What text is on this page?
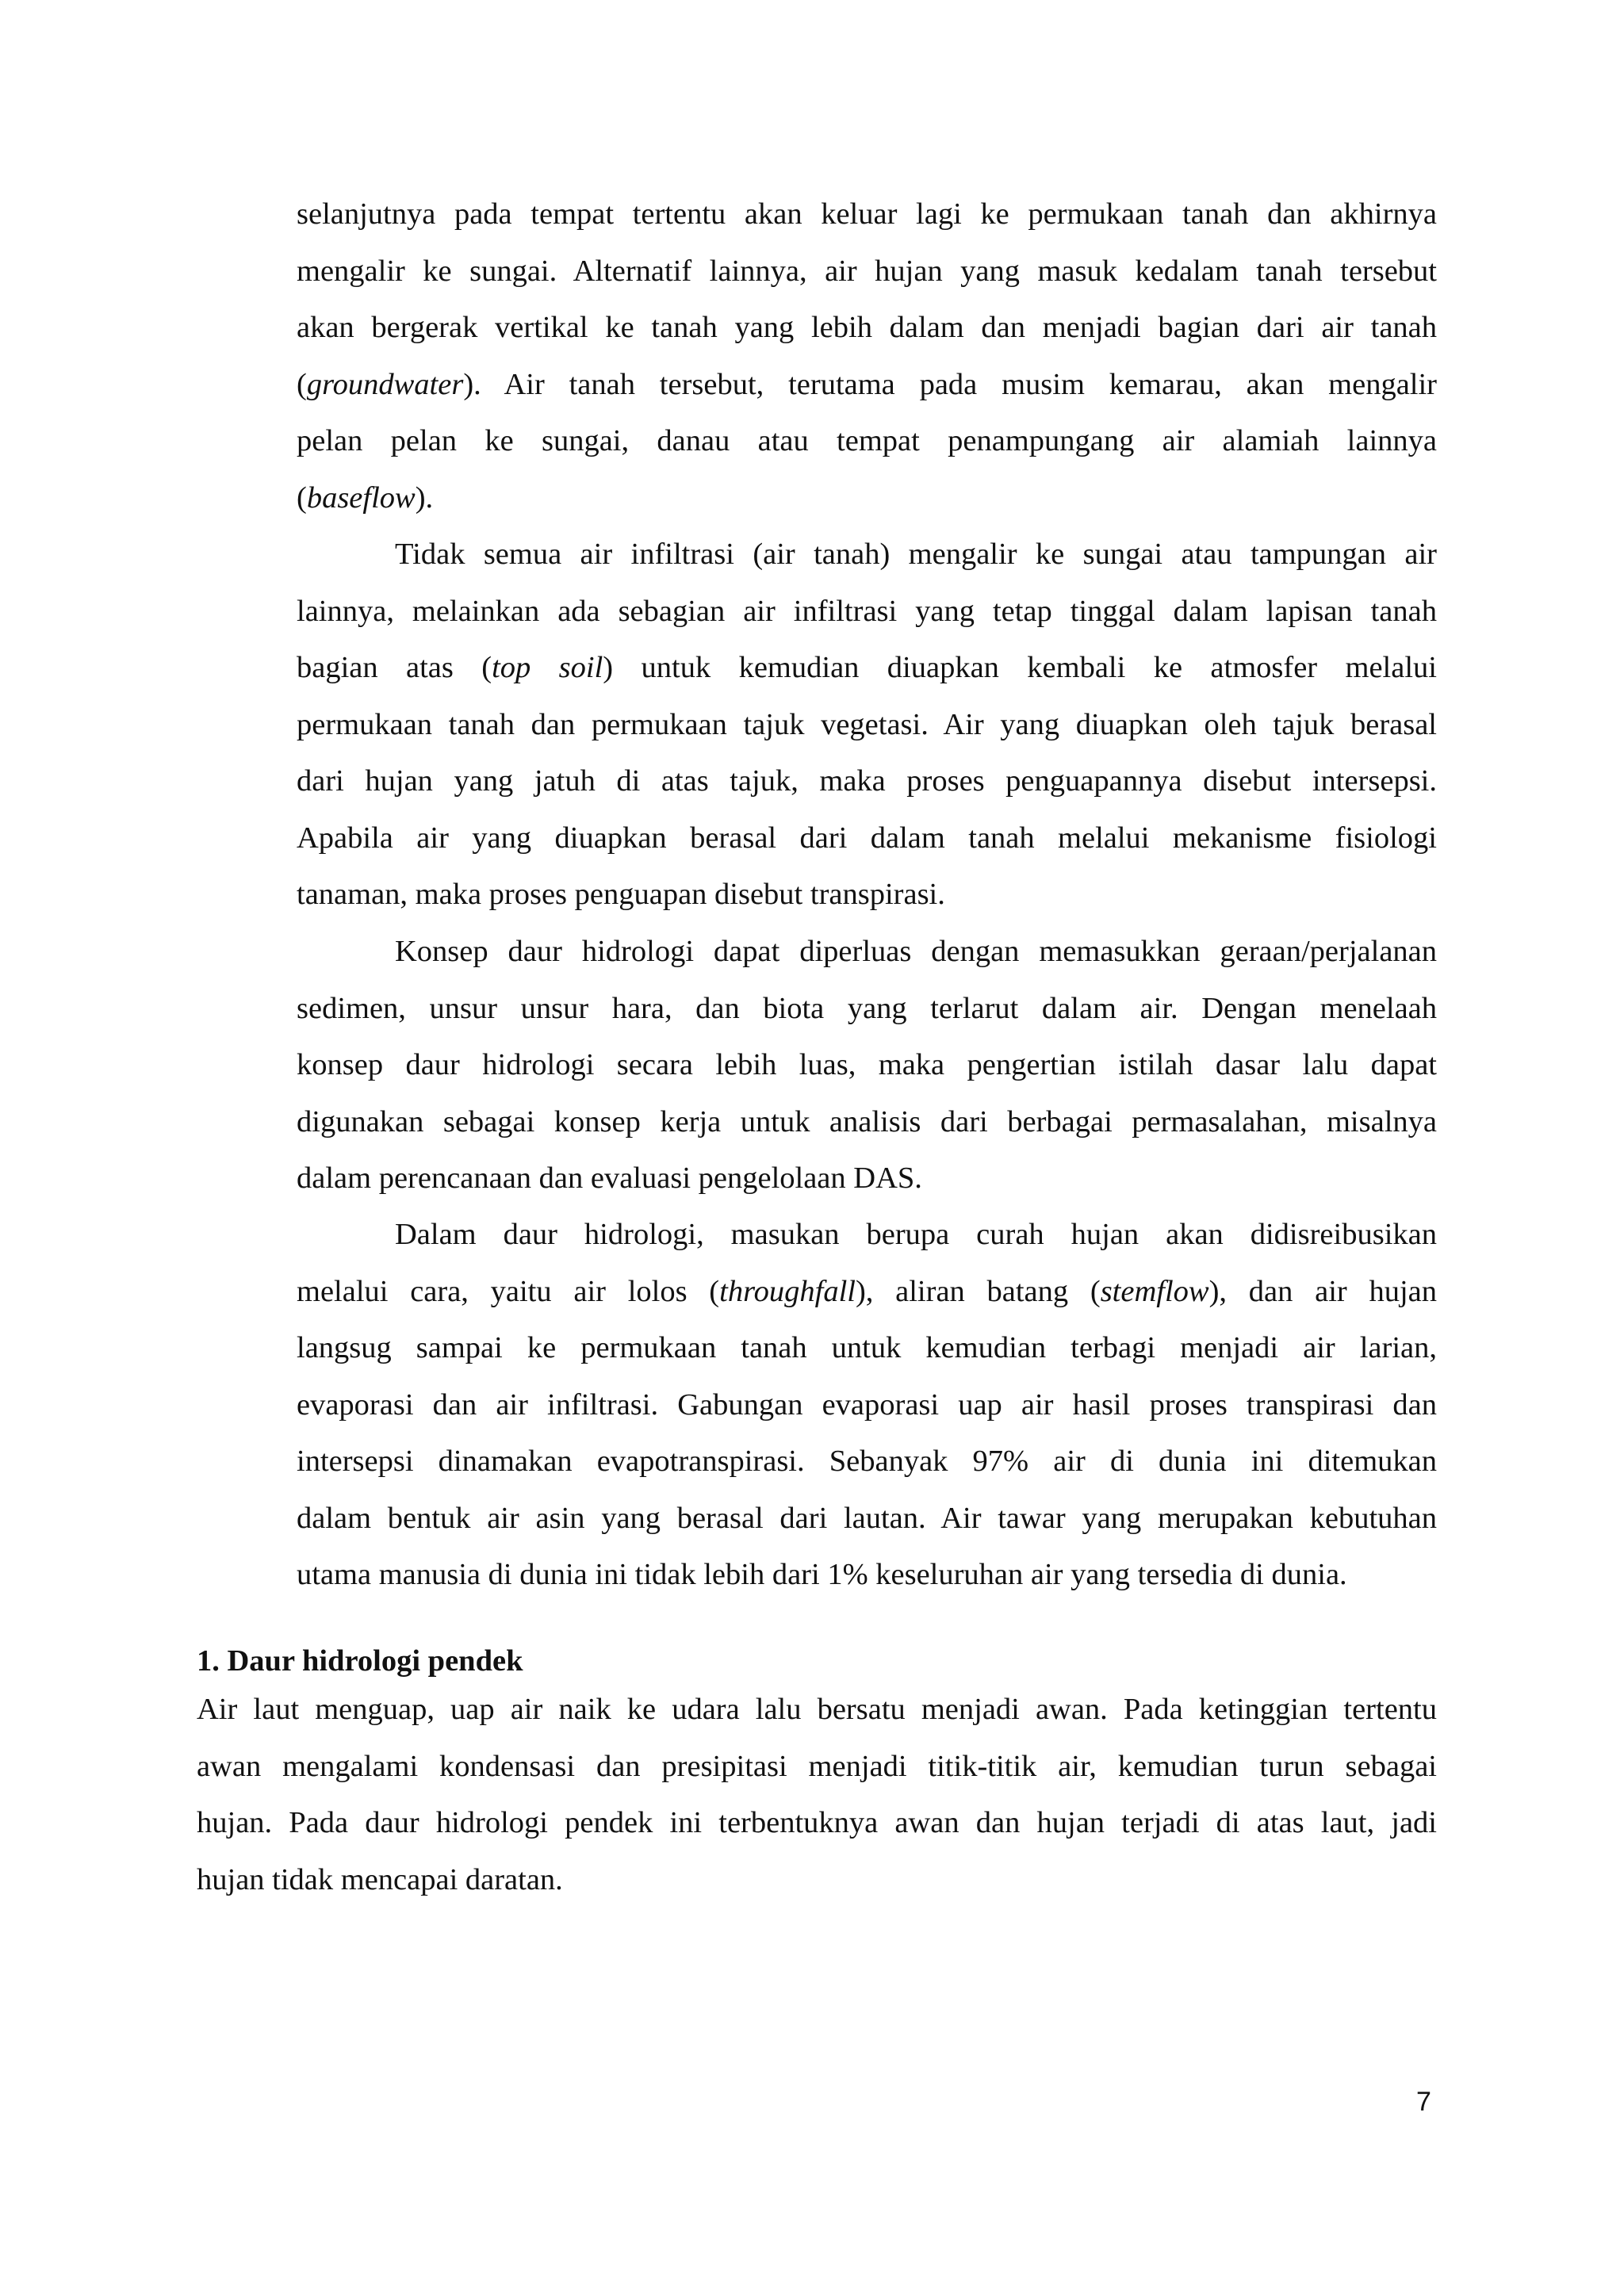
selanjutnya pada tempat tertentu akan keluar lagi ke permukaan tanah dan akhirnya
mengalir ke sungai. Alternatif lainnya, air hujan yang masuk kedalam tanah tersebut
akan bergerak vertikal ke tanah yang lebih dalam dan menjadi bagian dari air tanah
(groundwater). Air tanah tersebut, terutama pada musim kemarau, akan mengalir
pelan pelan ke sungai, danau atau tempat penampungang air alamiah lainnya
(baseflow).
Tidak semua air infiltrasi (air tanah) mengalir ke sungai atau tampungan air
lainnya, melainkan ada sebagian air infiltrasi yang tetap tinggal dalam lapisan tanah
bagian atas (top soil) untuk kemudian diuapkan kembali ke atmosfer melalui
permukaan tanah dan permukaan tajuk vegetasi. Air yang diuapkan oleh tajuk berasal
dari hujan yang jatuh di atas tajuk, maka proses penguapannya disebut intersepsi.
Apabila air yang diuapkan berasal dari dalam tanah melalui mekanisme fisiologi
tanaman, maka proses penguapan disebut transpirasi.
Konsep daur hidrologi dapat diperluas dengan memasukkan geraan/perjalanan
sedimen, unsur unsur hara, dan biota yang terlarut dalam air. Dengan menelaah
konsep daur hidrologi secara lebih luas, maka pengertian istilah dasar lalu dapat
digunakan sebagai konsep kerja untuk analisis dari berbagai permasalahan, misalnya
dalam perencanaan dan evaluasi pengelolaan DAS.
Dalam daur hidrologi, masukan berupa curah hujan akan didisreibusikan
melalui cara, yaitu air lolos (throughfall), aliran batang (stemflow), dan air hujan
langsug sampai ke permukaan tanah untuk kemudian terbagi menjadi air larian,
evaporasi dan air infiltrasi. Gabungan evaporasi uap air hasil proses transpirasi dan
intersepsi dinamakan evapotranspirasi. Sebanyak 97% air di dunia ini ditemukan
dalam bentuk air asin yang berasal dari lautan. Air tawar yang merupakan kebutuhan
utama manusia di dunia ini tidak lebih dari 1% keseluruhan air yang tersedia di dunia.

1. Daur hidrologi pendek

Air laut menguap, uap air naik ke udara lalu bersatu menjadi awan. Pada ketinggian tertentu
awan mengalami kondensasi dan presipitasi menjadi titik-titik air, kemudian turun sebagai
hujan. Pada daur hidrologi pendek ini terbentuknya awan dan hujan terjadi di atas laut, jadi
hujan tidak mencapai daratan.

7
